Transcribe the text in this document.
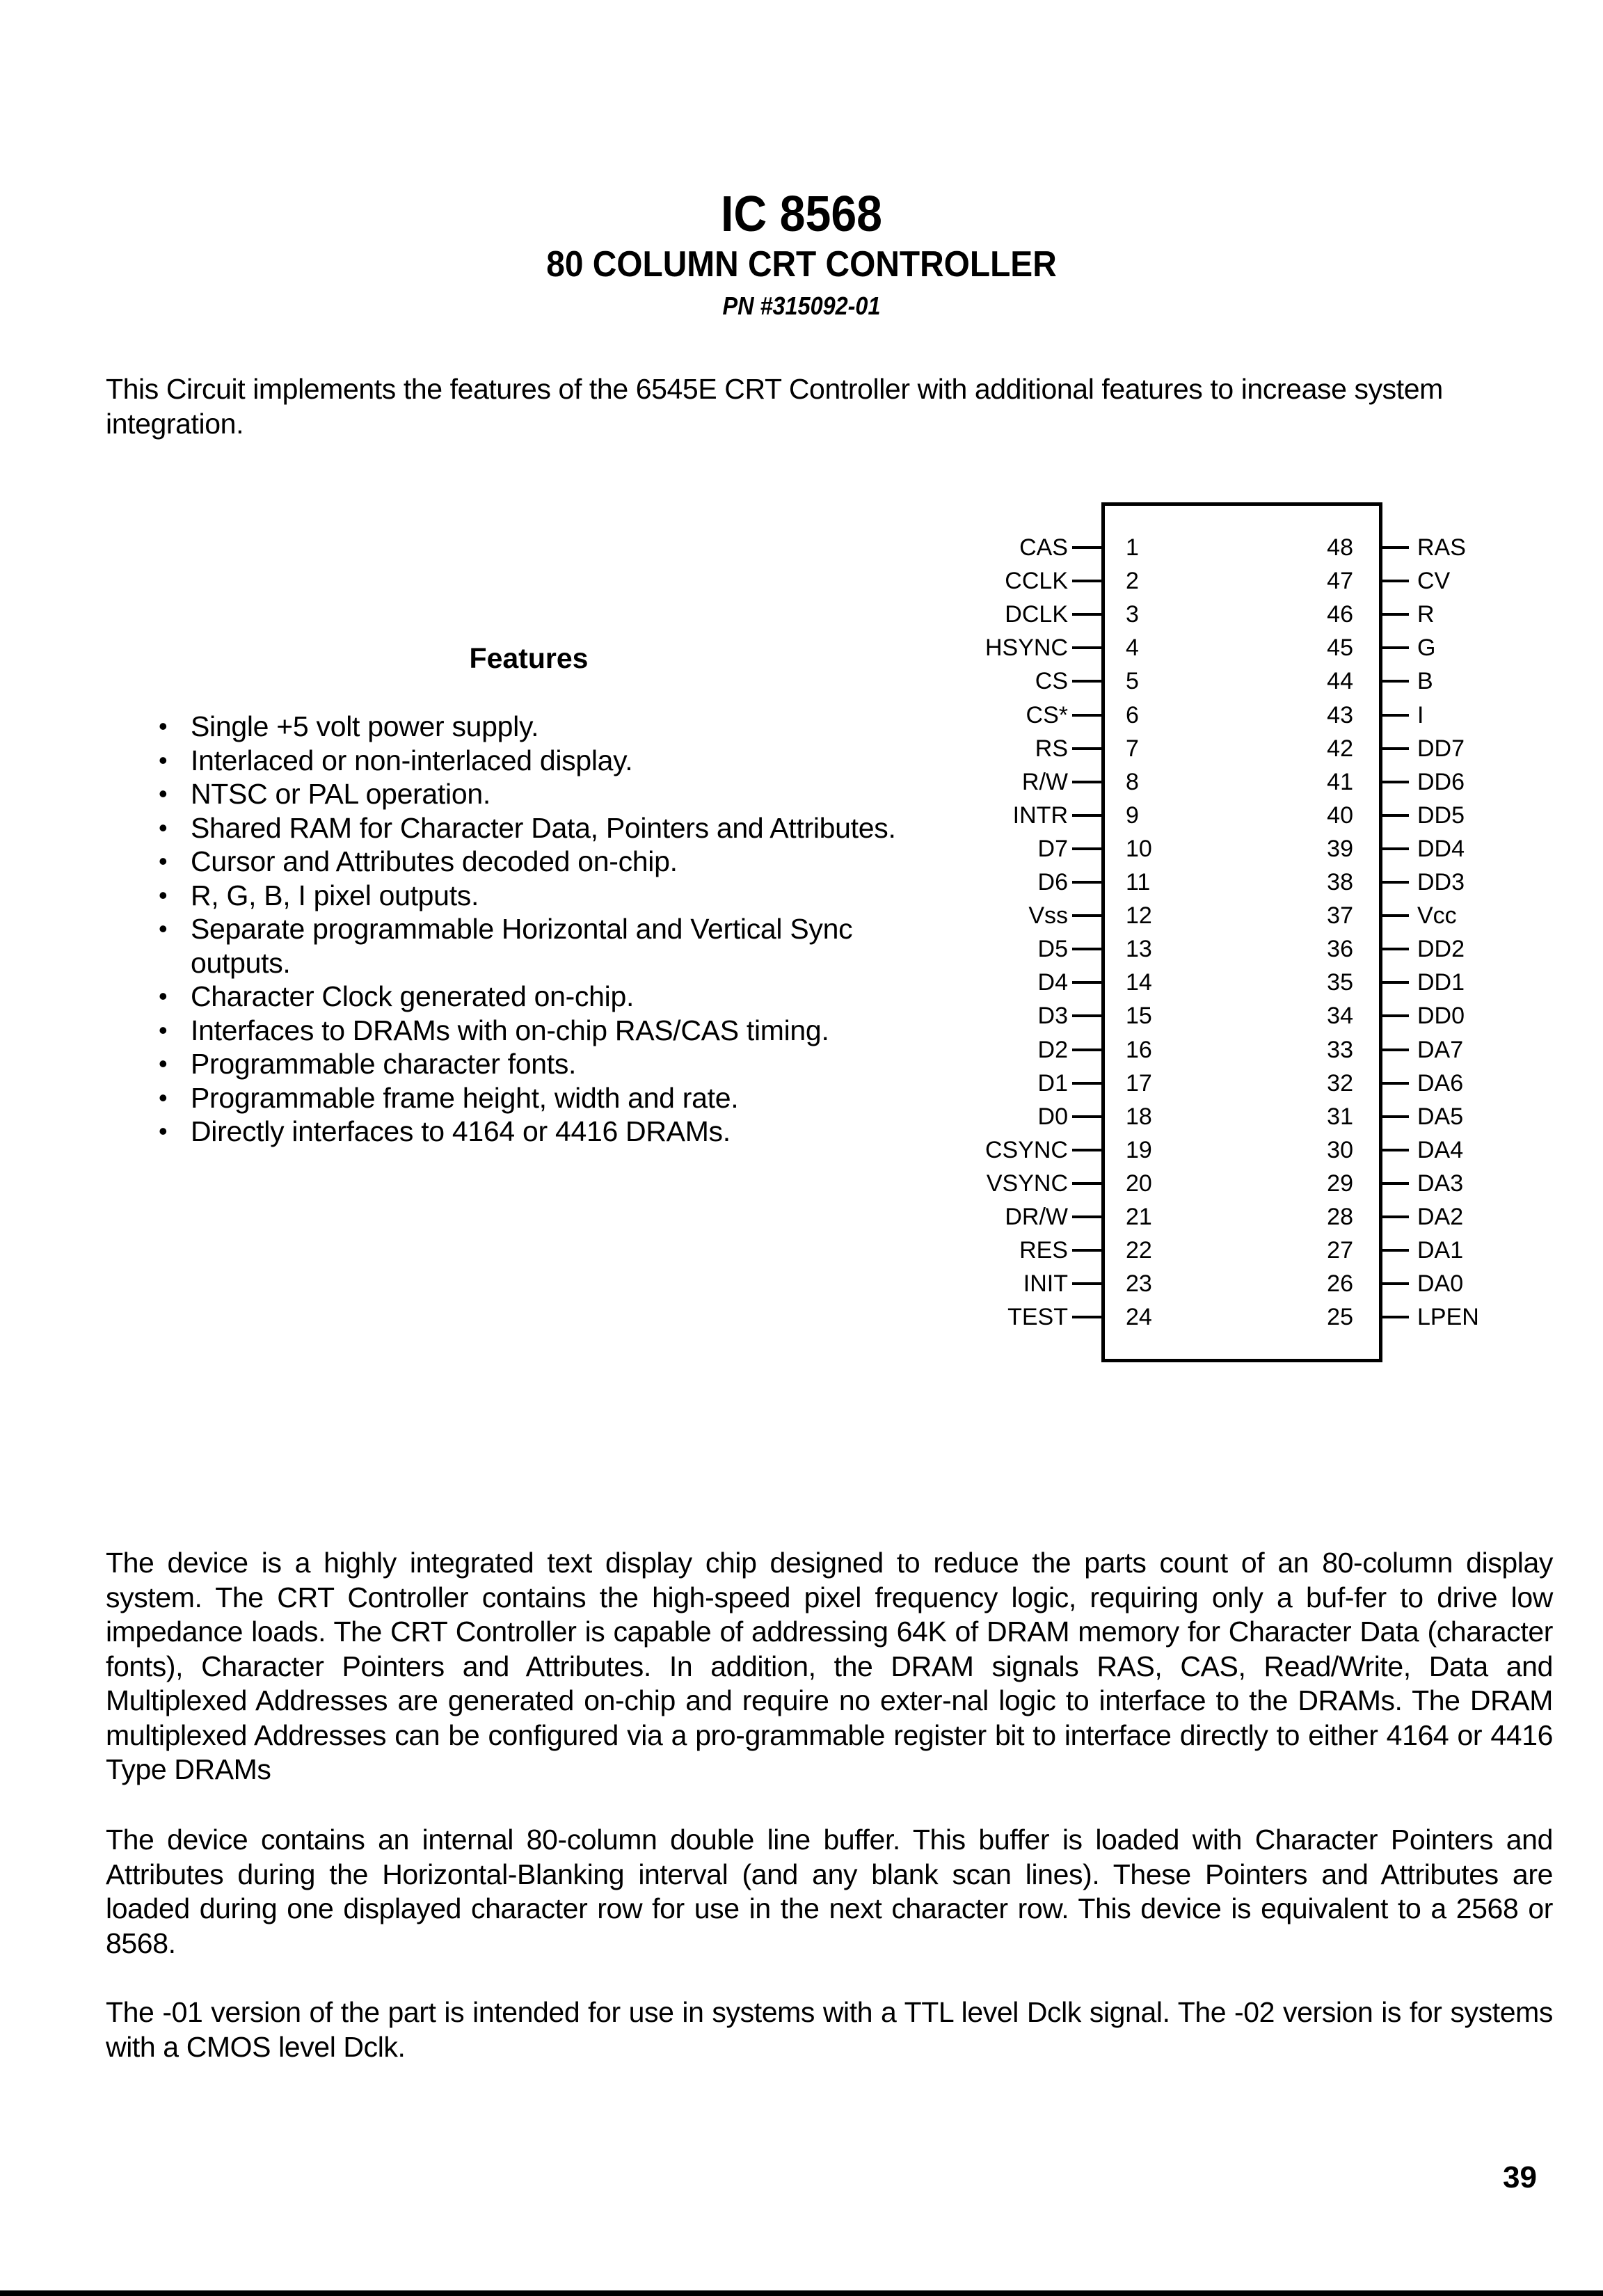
IC 8568
80 COLUMN CRT CONTROLLER
PN #315092-01

This Circuit implements the features of the 6545E CRT Controller with additional features to increase system integration.

Features
• Single +5 volt power supply.
• Interlaced or non-interlaced display.
• NTSC or PAL operation.
• Shared RAM for Character Data, Pointers and Attributes.
• Cursor and Attributes decoded on-chip.
• R, G, B, I pixel outputs.
• Separate programmable Horizontal and Vertical Sync outputs.
• Character Clock generated on-chip.
• Interfaces to DRAMs with on-chip RAS/CAS timing.
• Programmable character fonts.
• Programmable frame height, width and rate.
• Directly interfaces to 4164 or 4416 DRAMs.
CAS 1	48	RAS
CCLK 2	47	CV
DCLK 3	46	R
HSYNC 4	45	G
CS 5	44	B
CS* 6	43	I
RS 7	42	DD7
R/W 8	41	DD6
INTR 9	40	DD5
D7 10	39	DD4
D6 11	38	DD3
Vss 12	37	Vcc
D5 13	36	DD2
D4 14	35	DD1
D3 15	34	DD0
D2 16	33	DA7
D1 17	32	DA6
D0 18	31	DA5
CSYNC 19	30	DA4
VSYNC 20	29	DA3
DR/W 21	28	DA2
RES 22	27	DA1
INIT 23	26	DA0
TEST 24	25	LPEN

The device is a highly integrated text display chip designed to reduce the parts count of an 80-column display system. The CRT Controller contains the high-speed pixel frequency logic, requiring only a buf-fer to drive low impedance loads. The CRT Controller is capable of addressing 64K of DRAM memory for Character Data (character fonts), Character Pointers and Attributes. In addition, the DRAM signals RAS, CAS, Read/Write, Data and Multiplexed Addresses are generated on-chip and require no exter-nal logic to interface to the DRAMs. The DRAM multiplexed Addresses can be configured via a pro-grammable register bit to interface directly to either 4164 or 4416 Type DRAMs

The device contains an internal 80-column double line buffer. This buffer is loaded with Character Pointers and Attributes during the Horizontal-Blanking interval (and any blank scan lines). These Pointers and Attributes are loaded during one displayed character row for use in the next character row. This device is equivalent to a 2568 or 8568.

The -01 version of the part is intended for use in systems with a TTL level Dclk signal. The -02 version is for systems with a CMOS level Dclk.

39
